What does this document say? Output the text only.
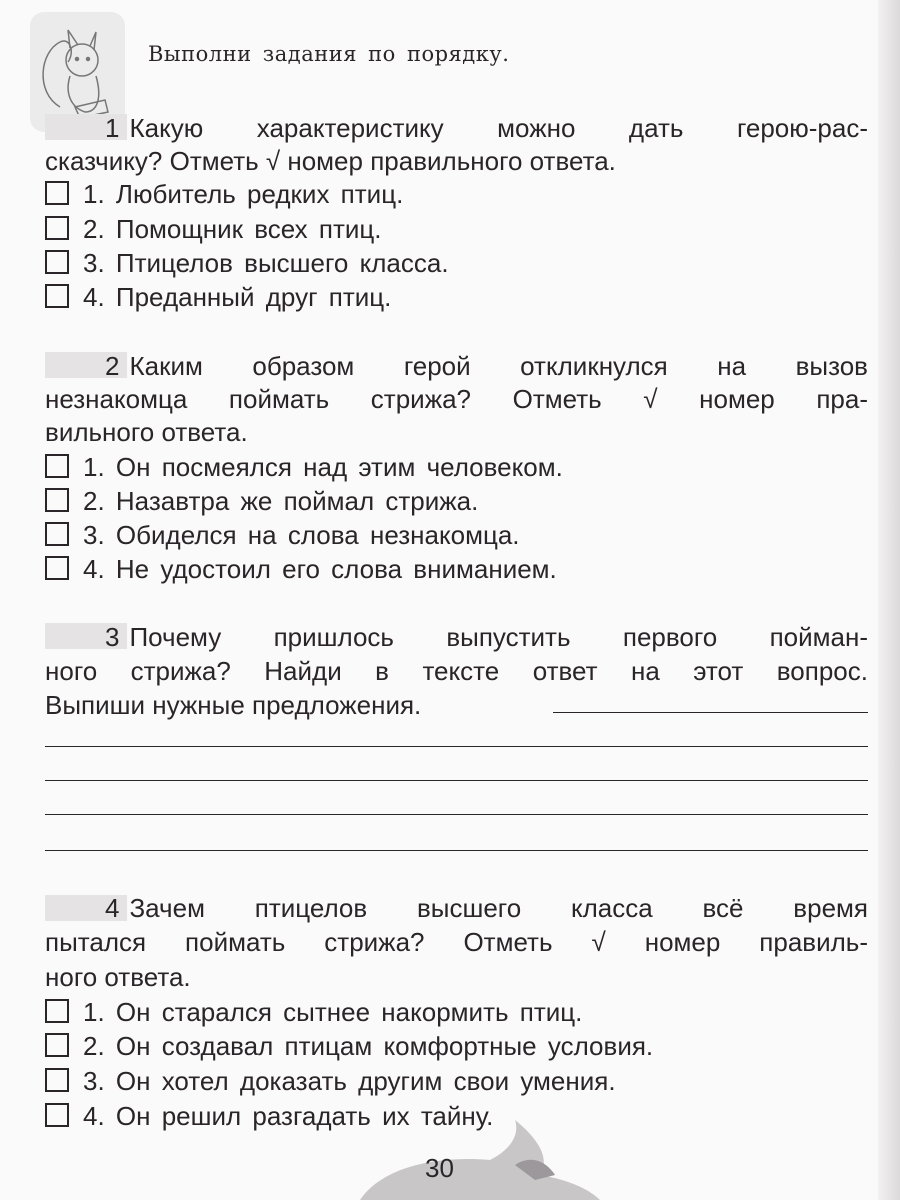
Выполни задания по порядку.
1 Какую характеристику можно дать герою-рас-
сказчику? Отметь √ номер правильного ответа.
1. Любитель редких птиц.
2. Помощник всех птиц.
3. Птицелов высшего класса.
4. Преданный друг птиц.
2 Каким образом герой откликнулся на вызов
незнакомца поймать стрижа? Отметь √ номер пра-
вильного ответа.
1. Он посмеялся над этим человеком.
2. Назавтра же поймал стрижа.
3. Обиделся на слова незнакомца.
4. Не удостоил его слова вниманием.
3 Почему пришлось выпустить первого пойман-
ного стрижа? Найди в тексте ответ на этот вопрос.
Выпиши нужные предложения.
4 Зачем птицелов высшего класса всё время
пытался поймать стрижа? Отметь √ номер правиль-
ного ответа.
1. Он старался сытнее накормить птиц.
2. Он создавал птицам комфортные условия.
3. Он хотел доказать другим свои умения.
4. Он решил разгадать их тайну.
30
